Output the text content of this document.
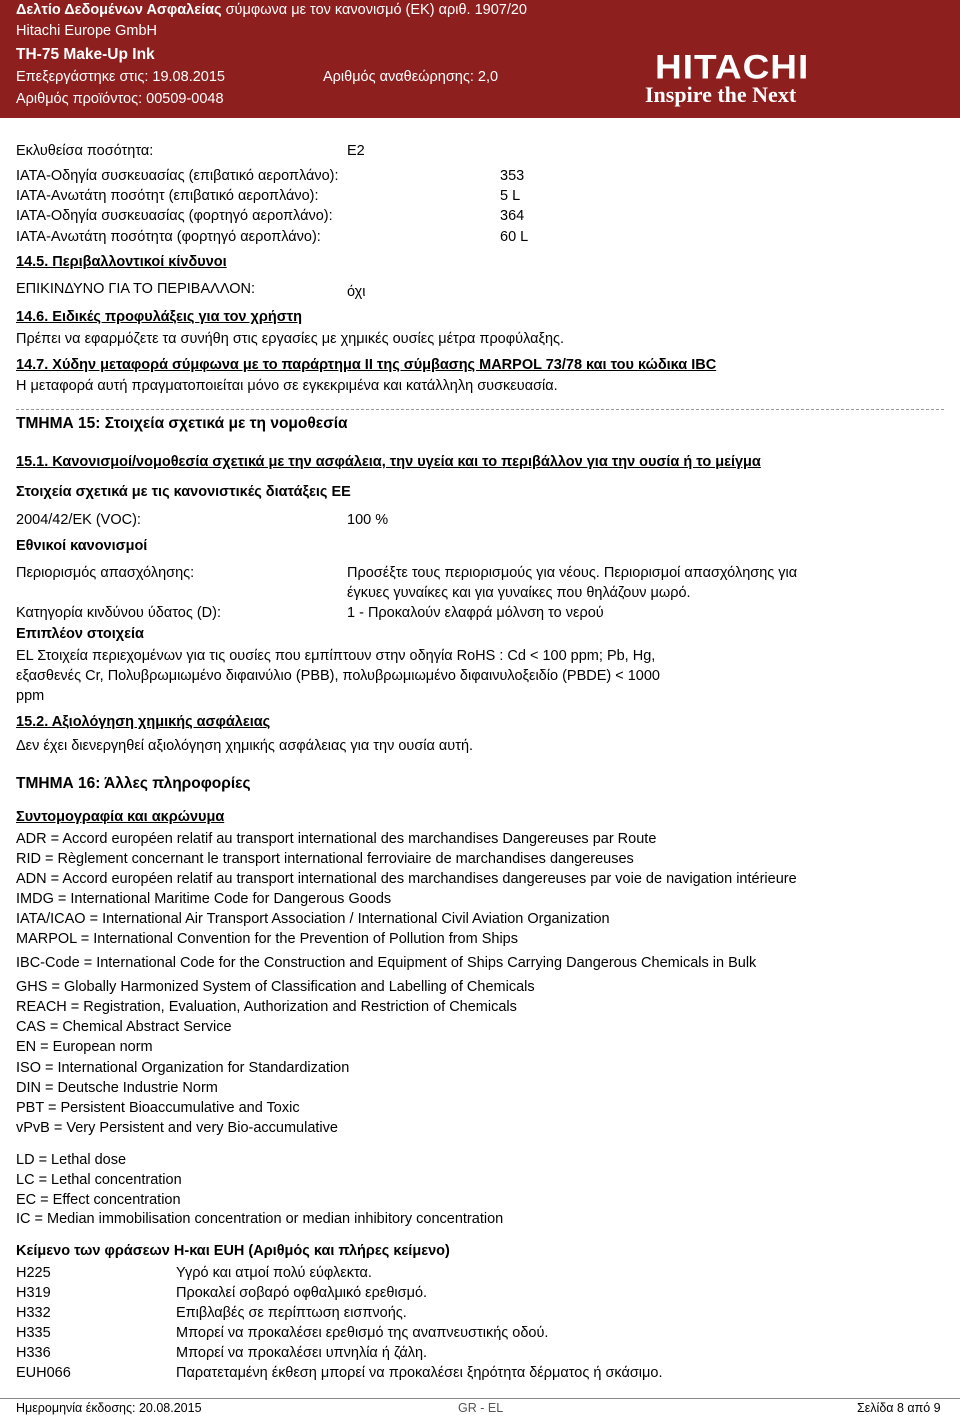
Δελτίο Δεδομένων Ασφαλείας σύμφωνα με τον κανονισμό (ΕΚ) αριθ. 1907/20
Hitachi Europe GmbH
TH-75 Make-Up Ink
Επεξεργάστηκε στις: 19.08.2015	Αριθμός αναθεώρησης: 2,0
Αριθμός προϊόντος: 00509-0048
HITACHI
Inspire the Next
Εκλυθείσα ποσότητα:	E2
IATA-Οδηγία συσκευασίας (επιβατικό αεροπλάνο):	353
IATA-Ανωτάτη ποσότητ (επιβατικό αεροπλάνο):	5 L
IATA-Οδηγία συσκευασίας (φορτηγό αεροπλάνο):	364
IATA-Ανωτάτη ποσότητα (φορτηγό αεροπλάνο):	60 L
14.5. Περιβαλλοντικοί κίνδυνοι
ΕΠΙΚΙΝΔΥΝΟ ΓΙΑ ΤΟ ΠΕΡΙΒΑΛΛΟΝ:	όχι
14.6. Ειδικές προφυλάξεις για τον χρήστη
Πρέπει να εφαρμόζετε τα συνήθη στις εργασίες με χημικές ουσίες μέτρα προφύλαξης.
14.7. Χύδην μεταφορά σύμφωνα με το παράρτημα II της σύμβασης MARPOL 73/78 και του κώδικα IBC
Η μεταφορά αυτή πραγματοποιείται μόνο σε εγκεκριμένα και κατάλληλη συσκευασία.
ΤΜΗΜΑ 15: Στοιχεία σχετικά με τη νομοθεσία
15.1. Κανονισμοί/νομοθεσία σχετικά με την ασφάλεια, την υγεία και το περιβάλλον για την ουσία ή το μείγμα
Στοιχεία σχετικά με τις κανονιστικές διατάξεις ΕΕ
2004/42/ΕΚ (VOC):	100 %
Εθνικοί κανονισμοί
Περιορισμός απασχόλησης:	Προσέξτε τους περιορισμούς για νέους. Περιορισμοί απασχόλησης για
έγκυες γυναίκες και για γυναίκες που θηλάζουν μωρό.
Κατηγορία κινδύνου ύδατος (D):	1 - Προκαλούν ελαφρά μόλνση το νερού
Επιπλέον στοιχεία
EL Στοιχεία περιεχομένων για τις ουσίες που εμπίπτουν στην οδηγία RoHS : Cd < 100 ppm; Pb, Hg,
εξασθενές Cr, Πολυβρωμιωμένο διφαινύλιο (PBB), πολυβρωμιωμένο διφαινυλοξειδίο (PBDE) < 1000
ppm
15.2. Αξιολόγηση χημικής ασφάλειας
Δεν έχει διενεργηθεί αξιολόγηση χημικής ασφάλειας για την ουσία αυτή.
ΤΜΗΜΑ 16: Άλλες πληροφορίες
Συντομογραφία και ακρώνυμα
ADR = Accord européen relatif au transport international des marchandises Dangereuses par Route
RID = Règlement concernant le transport international ferroviaire de marchandises dangereuses
ADN = Accord européen relatif au transport international des marchandises dangereuses par voie de navigation intérieure
IMDG = International Maritime Code for Dangerous Goods
IATA/ICAO = International Air Transport Association / International Civil Aviation Organization
MARPOL = International Convention for the Prevention of Pollution from Ships
IBC-Code = International Code for the Construction and Equipment of Ships Carrying Dangerous Chemicals in Bulk
GHS = Globally Harmonized System of Classification and Labelling of Chemicals
REACH = Registration, Evaluation, Authorization and Restriction of Chemicals
CAS = Chemical Abstract Service
EN = European norm
ISO = International Organization for Standardization
DIN = Deutsche Industrie Norm
PBT = Persistent Bioaccumulative and Toxic
vPvB = Very Persistent and very Bio-accumulative
LD = Lethal dose
LC = Lethal concentration
EC = Effect concentration
IC = Median immobilisation concentration or median inhibitory concentration
Κείμενο των φράσεων H-και EUH (Αριθμός και πλήρες κείμενο)
H225	Υγρό και ατμοί πολύ εύφλεκτα.
H319	Προκαλεί σοβαρό οφθαλμικό ερεθισμό.
H332	Επιβλαβές σε περίπτωση εισπνοής.
H335	Μπορεί να προκαλέσει ερεθισμό της αναπνευστικής οδού.
H336	Μπορεί να προκαλέσει υπνηλία ή ζάλη.
EUH066	Παρατεταμένη έκθεση μπορεί να προκαλέσει ξηρότητα δέρματος ή σκάσιμο.
Ημερομηνία έκδοσης: 20.08.2015	GR - EL	Σελίδα 8 από 9
